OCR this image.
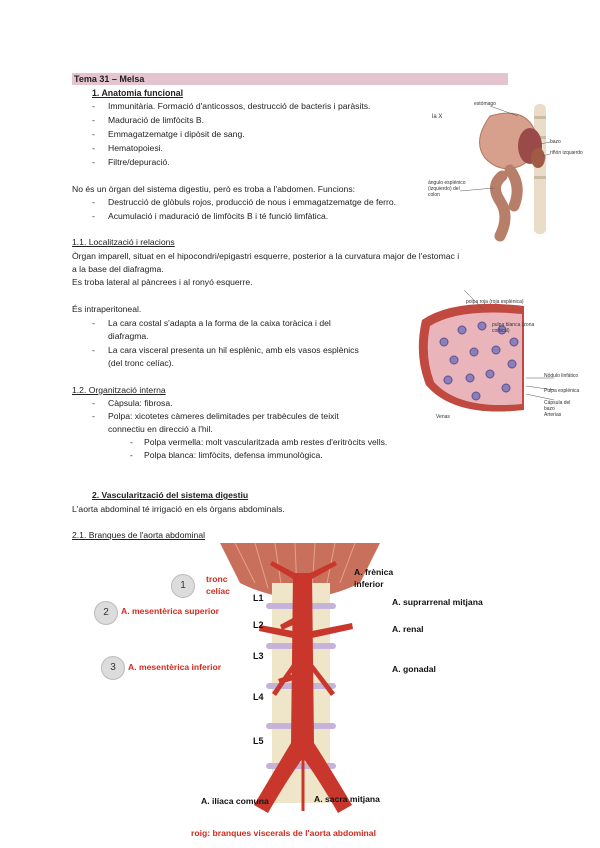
Tema 31 – Melsa
1. Anatomia funcional
- Immunitària. Formació d'anticossos, destrucció de bacteris i paràsits.
- Maduració de limfòcits B.
- Emmagatzematge i dipòsit de sang.
- Hematopoiesi.
- Filtre/depuració.
No és un òrgan del sistema digestiu, però es troba a l'abdomen. Funcions:
- Destrucció de glòbuls rojos, producció de nous i emmagatzematge de ferro.
- Acumulació i maduració de limfòcits B i té funció limfàtica.
estómago
bazo
riñón izquierdo
ángulo esplénico (izquierdo) del colon
la X
1.1. Localització i relacions
Òrgan imparell, situat en el hipocondri/epigastri esquerre, posterior a la curvatura major de l'estomac i
a la base del diafragma.
Es troba lateral al pàncrees i al ronyó esquerre.
És intraperitoneal.
- La cara costal s'adapta a la forma de la caixa toràcica i del
diafragma.
- La cara visceral presenta un hil esplènic, amb els vasos esplènics
(del tronc celíac).
polpa roja (roja esplènica)
pulpa blanca (zona cortical)
Nódulo linfático
Pulpa esplénica
Cápsula del bazo
Arterias
Venas
1.2. Organització interna
- Càpsula: fibrosa.
- Polpa: xicotetes càmeres delimitades per trabècules de teixit
connectiu en direcció a l'hil.
- Polpa vermella: molt vascularitzada amb restes d'eritròcits vells.
- Polpa blanca: limfòcits, defensa immunològica.
2. Vascularització del sistema digestiu
L'aorta abdominal té irrigació en els òrgans abdominals.
2.1. Branques de l'aorta abdominal
1
2
3
tronc
celíac
A. mesentèrica superior
A. mesentèrica inferior
A. ilíaca comuna
A. frènica
inferior
A. suprarrenal mitjana
A. renal
A. gonadal
A. sacra mitjana
L1
L2
L3
L4
L5
roig: branques viscerals de l'aorta abdominal
